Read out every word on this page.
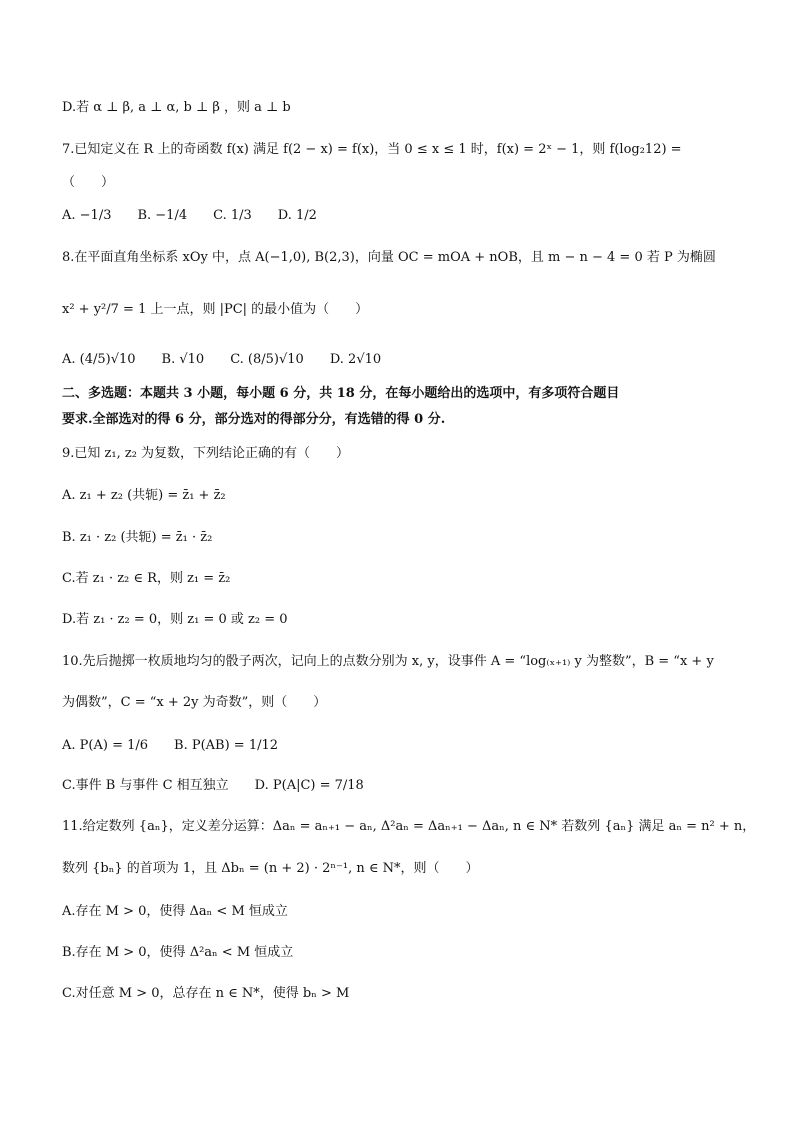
D.若 α ⊥ β, a ⊥ α, b ⊥ β ，则 a ⊥ b
7.已知定义在 R 上的奇函数 f(x) 满足 f(2 − x) = f(x)，当 0 ≤ x ≤ 1 时，f(x) = 2ˣ − 1，则 f(log₂12) =
（　　）
A. −1/3　　B. −1/4　　C. 1/3　　D. 1/2
8.在平面直角坐标系 xOy 中，点 A(−1,0), B(2,3)，向量 OC = mOA + nOB，且 m − n − 4 = 0 若 P 为椭圆
x² + y²/7 = 1 上一点，则 |PC| 的最小值为（　　）
A. (4/5)√10　　B. √10　　C. (8/5)√10　　D. 2√10
二、多选题：本题共 3 小题，每小题 6 分，共 18 分，在每小题给出的选项中，有多项符合题目
要求.全部选对的得 6 分，部分选对的得部分分，有选错的得 0 分.
9.已知 z₁, z₂ 为复数，下列结论正确的有（　　）
A. z₁ + z₂ (共轭) = z̄₁ + z̄₂
B. z₁ · z₂ (共轭) = z̄₁ · z̄₂
C.若 z₁ · z₂ ∈ R，则 z₁ = z̄₂
D.若 z₁ · z₂ = 0，则 z₁ = 0 或 z₂ = 0
10.先后抛掷一枚质地均匀的骰子两次，记向上的点数分别为 x, y，设事件 A = “log₍ₓ₊₁₎ y 为整数”，B = “x + y
为偶数”，C = “x + 2y 为奇数”，则（　　）
A. P(A) = 1/6　　B. P(AB) = 1/12
C.事件 B 与事件 C 相互独立　　D. P(A|C) = 7/18
11.给定数列 {aₙ}，定义差分运算：Δaₙ = aₙ₊₁ − aₙ, Δ²aₙ = Δaₙ₊₁ − Δaₙ, n ∈ N* 若数列 {aₙ} 满足 aₙ = n² + n，
数列 {bₙ} 的首项为 1，且 Δbₙ = (n + 2) · 2ⁿ⁻¹, n ∈ N*，则（　　）
A.存在 M > 0，使得 Δaₙ < M 恒成立
B.存在 M > 0，使得 Δ²aₙ < M 恒成立
C.对任意 M > 0，总存在 n ∈ N*，使得 bₙ > M
